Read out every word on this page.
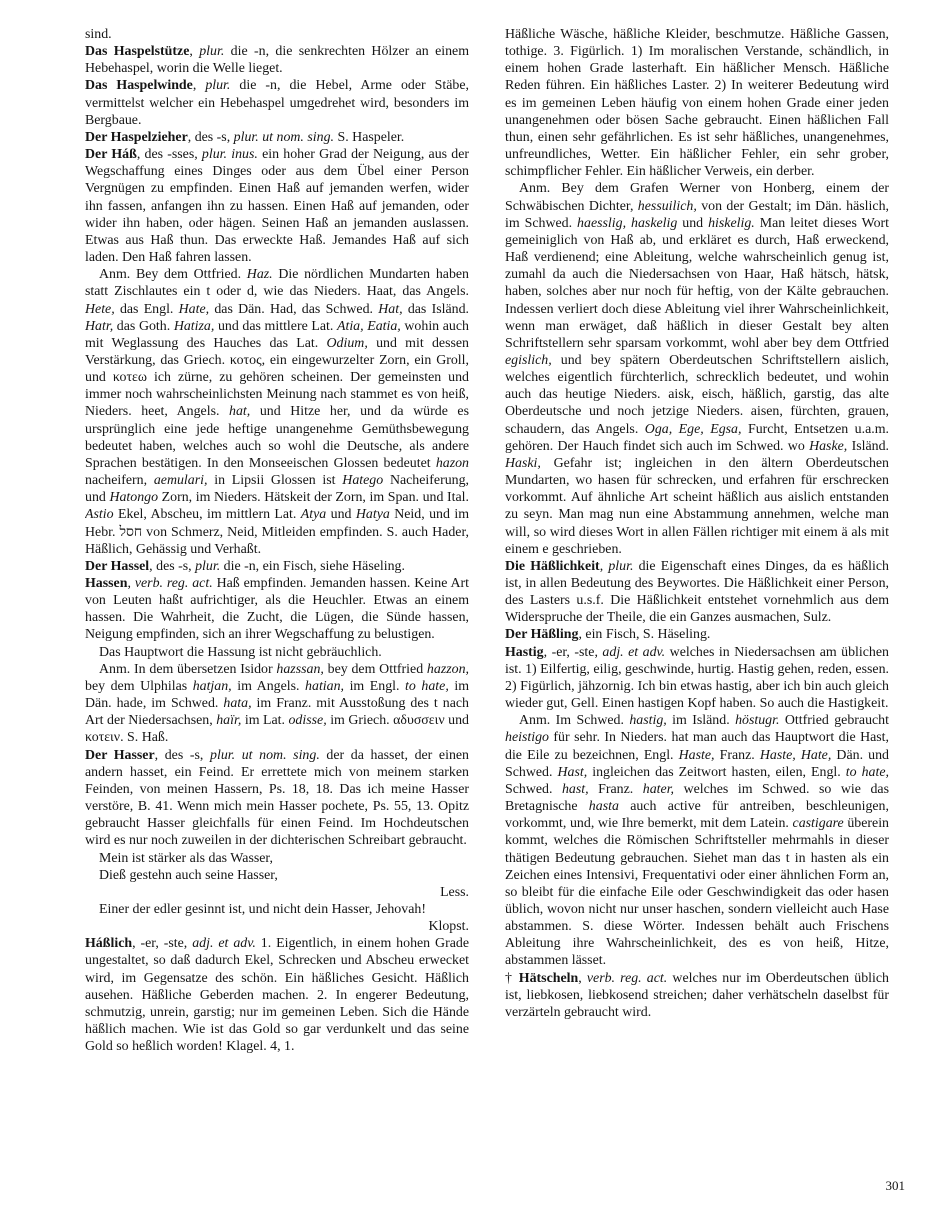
sind.

Das Haspelstütze, plur. die -n, die senkrechten Hölzer an einem Hebehaspel, worin die Welle lieget.

Das Haspelwinde, plur. die -n, die Hebel, Arme oder Stäbe, vermittelst welcher ein Hebehaspel umgedrehet wird, besonders im Bergbaue.

Der Haspelzieher, des -s, plur. ut nom. sing. S. Haspeler.

Der Háß, des -sses, plur. inus. ein hoher Grad der Neigung, aus der Wegschaffung eines Dinges oder aus dem Übel einer Person Vergnügen zu empfinden. Einen Haß auf jemanden werfen, wider ihn fassen, anfangen ihn zu hassen. Einen Haß auf jemanden, oder wider ihn haben, oder hägen. Seinen Haß an jemanden auslassen. Etwas aus Haß thun. Das erweckte Haß. Jemandes Haß auf sich laden. Den Haß fahren lassen.

Anm. Bey dem Ottfried. Haz. Die nördlichen Mundarten haben statt Zischlautes ein t oder d, wie das Nieders. Haat, das Angels. Hete, das Engl. Hate, das Dän. Had, das Schwed. Hat, das Isländ. Hatr, das Goth. Hatiza, und das mittlere Lat. Atia, Eatia, wohin auch mit Weglassung des Hauches das Lat. Odium, und mit dessen Verstärkung, das Griech. κοτος, ein eingewurzelter Zorn, ein Groll, und κοτεω ich zürne, zu gehören scheinen. Der gemeinsten und immer noch wahrscheinlichsten Meinung nach stammet es von heiß, Nieders. heet, Angels. hat, und Hitze her, und da würde es ursprünglich eine jede heftige unangenehme Gemüthsbewegung bedeutet haben, welches auch so wohl die Deutsche, als andere Sprachen bestätigen. In den Monseeischen Glossen bedeutet hazon nacheifern, aemulari, in Lipsii Glossen ist Hatego Nacheiferung, und Hatongo Zorn, im Nieders. Hätskeit der Zorn, im Span. und Ital. Astio Ekel, Abscheu, im mittlern Lat. Atya und Hatya Neid, und im Hebr. חסל von Schmerz, Neid, Mitleiden empfinden. S. auch Hader, Häßlich, Gehässig und Verhaßt.

Der Hassel, des -s, plur. die -n, ein Fisch, siehe Häseling.

Hassen, verb. reg. act. Haß empfinden. Jemanden hassen. Keine Art von Leuten haßt aufrichtiger, als die Heuchler. Etwas an einem hassen. Die Wahrheit, die Zucht, die Lügen, die Sünde hassen, Neigung empfinden, sich an ihrer Wegschaffung zu belustigen.

Das Hauptwort die Hassung ist nicht gebräuchlich.

Anm. In dem übersetzen Isidor hazssan, bey dem Ottfried hazzon, bey dem Ulphilas hatjan, im Angels. hatian, im Engl. to hate, im Dän. hade, im Schwed. hata, im Franz. mit Ausstoßung des t nach Art der Niedersachsen, haïr, im Lat. odisse, im Griech. αδυσσειν und κοτειν. S. Haß.

Der Hasser, des -s, plur. ut nom. sing. der da hasset, der einen andern hasset, ein Feind. Er errettete mich von meinem starken Feinden, von meinen Hassern, Ps. 18, 18. Das ich meine Hasser verstöre, B. 41. Wenn mich mein Hasser pochete, Ps. 55, 13. Opitz gebraucht Hasser gleichfalls für einen Feind. Im Hochdeutschen wird es nur noch zuweilen in der dichterischen Schreibart gebraucht.

Mein ist stärker als das Wasser,

Dieß gestehn auch seine Hasser,

Less.

Einer der edler gesinnt ist, und nicht dein Hasser, Jehovah!

Klopst.

Háßlich, -er, -ste, adj. et adv. 1. Eigentlich, in einem hohen Grade ungestaltet, so daß dadurch Ekel, Schrecken und Abscheu erwecket wird, im Gegensatze des schön. Ein häßliches Gesicht. Häßlich ausehen. Häßliche Geberden machen. 2. In engerer Bedeutung, schmutzig, unrein, garstig; nur im gemeinen Leben. Sich die Hände häßlich machen. Wie ist das Gold so gar verdunkelt und das seine Gold so heßlich worden! Klagel. 4, 1.

Häßliche Wäsche, häßliche Kleider, beschmutze. Häßliche Gassen, tothige. 3. Figürlich. 1) Im moralischen Verstande, schändlich, in einem hohen Grade lasterhaft. Ein häßlicher Mensch. Häßliche Reden führen. Ein häßliches Laster. 2) In weiterer Bedeutung wird es im gemeinen Leben häufig von einem hohen Grade einer jeden unangenehmen oder bösen Sache gebraucht. Einen häßlichen Fall thun, einen sehr gefährlichen. Es ist sehr häßliches, unangenehmes, unfreundliches, Wetter. Ein häßlicher Fehler, ein sehr grober, schimpflicher Fehler. Ein häßlicher Verweis, ein derber.

Anm. Bey dem Grafen Werner von Honberg, einem der Schwäbischen Dichter, hessuilich, von der Gestalt; im Dän. häslich, im Schwed. haesslig, haskelig und hiskelig. Man leitet dieses Wort gemeiniglich von Haß ab, und erkläret es durch, Haß erweckend, Haß verdienend; eine Ableitung, welche wahrscheinlich genug ist, zumahl da auch die Niedersachsen von Haar, Haß hätsch, hätsk, haben, solches aber nur noch für heftig, von der Kälte gebrauchen. Indessen verliert doch diese Ableitung viel ihrer Wahrscheinlichkeit, wenn man erwäget, daß häßlich in dieser Gestalt bey alten Schriftstellern sehr sparsam vorkommt, wohl aber bey dem Ottfried egislich, und bey spätern Oberdeutschen Schriftstellern aislich, welches eigentlich fürchterlich, schrecklich bedeutet, und wohin auch das heutige Nieders. aisk, eisch, häßlich, garstig, das alte Oberdeutsche und noch jetzige Nieders. aisen, fürchten, grauen, schaudern, das Angels. Oga, Ege, Egsa, Furcht, Entsetzen u.a.m. gehören. Der Hauch findet sich auch im Schwed. wo Haske, Isländ. Haski, Gefahr ist; ingleichen in den ältern Oberdeutschen Mundarten, wo hasen für schrecken, und erfahren für erschrecken vorkommt. Auf ähnliche Art scheint häßlich aus aislich entstanden zu seyn. Man mag nun eine Abstammung annehmen, welche man will, so wird dieses Wort in allen Fällen richtiger mit einem ä als mit einem e geschrieben.

Die Häßlichkeit, plur. die Eigenschaft eines Dinges, da es häßlich ist, in allen Bedeutung des Beywortes. Die Häßlichkeit einer Person, des Lasters u.s.f. Die Häßlichkeit entstehet vornehmlich aus dem Widerspruche der Theile, die ein Ganzes ausmachen, Sulz.

Der Häßling, ein Fisch, S. Häseling.

Hastig, -er, -ste, adj. et adv. welches in Niedersachsen am üblichen ist. 1) Eilfertig, eilig, geschwinde, hurtig. Hastig gehen, reden, essen. 2) Figürlich, jähzornig. Ich bin etwas hastig, aber ich bin auch gleich wieder gut, Gell. Einen hastigen Kopf haben. So auch die Hastigkeit.

Anm. Im Schwed. hastig, im Isländ. höstugr. Ottfried gebraucht heistigo für sehr. In Nieders. hat man auch das Hauptwort die Hast, die Eile zu bezeichnen, Engl. Haste, Franz. Haste, Hate, Dän. und Schwed. Hast, ingleichen das Zeitwort hasten, eilen, Engl. to hate, Schwed. hast, Franz. hater, welches im Schwed. so wie das Bretagnische hasta auch active für antreiben, beschleunigen, vorkommt, und, wie Ihre bemerkt, mit dem Latein. castigare überein kommt, welches die Römischen Schriftsteller mehrmahls in dieser thätigen Bedeutung gebrauchen. Siehet man das t in hasten als ein Zeichen eines Intensivi, Frequentativi oder einer ähnlichen Form an, so bleibt für die einfache Eile oder Geschwindigkeit das oder hasen üblich, wovon nicht nur unser haschen, sondern vielleicht auch Hase abstammen. S. diese Wörter. Indessen behält auch Frischens Ableitung ihre Wahrscheinlichkeit, des es von heiß, Hitze, abstammen lässet.

† Hätscheln, verb. reg. act. welches nur im Oberdeutschen üblich ist, liebkosen, liebkosend streichen; daher verhätscheln daselbst für verzärteln gebraucht wird.

301
